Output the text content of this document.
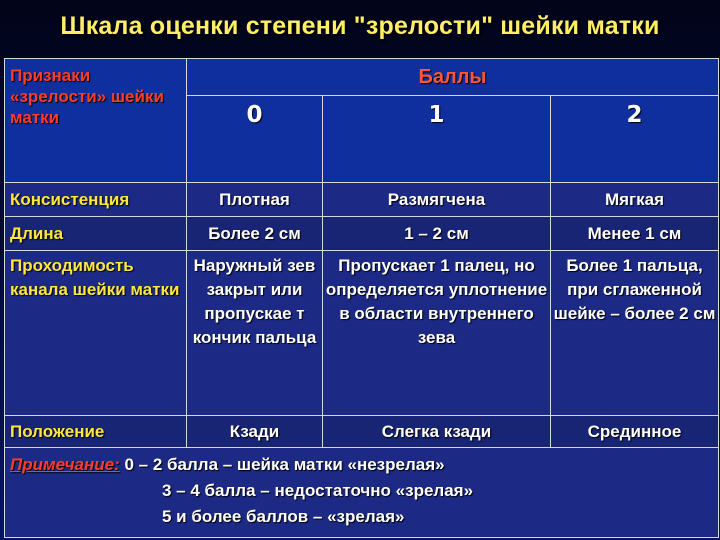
Шкала оценки степени "зрелости" шейки матки
Признаки «зрелости» шейки матки	Баллы		
	0	1	2
Консистенция	Плотная	Размягчена	Мягкая
Длина	Более 2 см	1 – 2 см	Менее 1 см
Проходимость канала шейки матки	Наружный зев закрыт или пропускае т кончик пальца	Пропускает 1 палец, но определяется уплотнение в области внутреннего зева	Более 1 пальца, при сглаженной шейке – более 2 см
Положение	Кзади	Слегка кзади	Срединное

Примечание: 0 – 2 балла – шейка матки «незрелая»
3 – 4 балла – недостаточно «зрелая»
5 и более баллов – «зрелая»			
